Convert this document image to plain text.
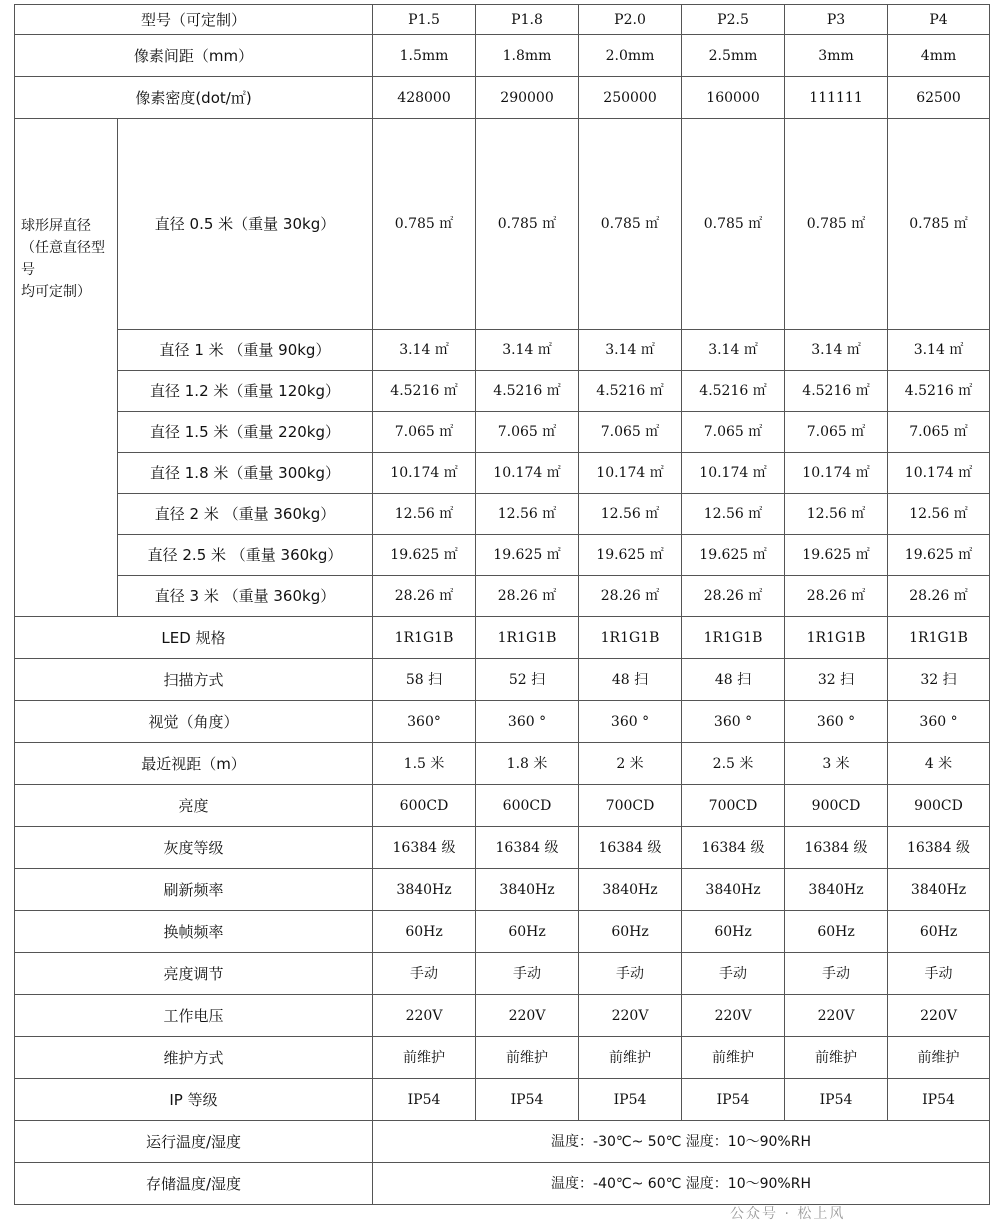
型号（可定制）		P1.5	P1.8	P2.0	P2.5	P3	P4
像素间距（mm）		1.5mm	1.8mm	2.0mm	2.5mm	3mm	4mm
像素密度(dot/㎡)		428000	290000	250000	160000	111111	62500

球形屏直径
（任意直径型号
均可定制）	直径 0.5 米（重量 30kg）	0.785 ㎡	0.785 ㎡	0.785 ㎡	0.785 ㎡	0.785 ㎡	0.785 ㎡
	直径 1 米 （重量 90kg）	3.14 ㎡	3.14 ㎡	3.14 ㎡	3.14 ㎡	3.14 ㎡	3.14 ㎡
	直径 1.2 米（重量 120kg）	4.5216 ㎡	4.5216 ㎡	4.5216 ㎡	4.5216 ㎡	4.5216 ㎡	4.5216 ㎡
	直径 1.5 米（重量 220kg）	7.065 ㎡	7.065 ㎡	7.065 ㎡	7.065 ㎡	7.065 ㎡	7.065 ㎡
	直径 1.8 米（重量 300kg）	10.174 ㎡	10.174 ㎡	10.174 ㎡	10.174 ㎡	10.174 ㎡	10.174 ㎡
	直径 2 米 （重量 360kg）	12.56 ㎡	12.56 ㎡	12.56 ㎡	12.56 ㎡	12.56 ㎡	12.56 ㎡
	直径 2.5 米 （重量 360kg）	19.625 ㎡	19.625 ㎡	19.625 ㎡	19.625 ㎡	19.625 ㎡	19.625 ㎡
	直径 3 米 （重量 360kg）	28.26 ㎡	28.26 ㎡	28.26 ㎡	28.26 ㎡	28.26 ㎡	28.26 ㎡
LED 规格		1R1G1B	1R1G1B	1R1G1B	1R1G1B	1R1G1B	1R1G1B
扫描方式		58 扫	52 扫	48 扫	48 扫	32 扫	32 扫
视觉（角度）		360°	360 °	360 °	360 °	360 °	360 °
最近视距（m）		1.5 米	1.8 米	2 米	2.5 米	3 米	4 米
亮度		600CD	600CD	700CD	700CD	900CD	900CD
灰度等级		16384 级	16384 级	16384 级	16384 级	16384 级	16384 级
刷新频率		3840Hz	3840Hz	3840Hz	3840Hz	3840Hz	3840Hz
换帧频率		60Hz	60Hz	60Hz	60Hz	60Hz	60Hz
亮度调节		手动	手动	手动	手动	手动	手动
工作电压		220V	220V	220V	220V	220V	220V
维护方式		前维护	前维护	前维护	前维护	前维护	前维护
IP 等级		IP54	IP54	IP54	IP54	IP54	IP54
运行温度/湿度		温度：-30℃~ 50℃ 湿度：10～90%RH					
存储温度/湿度		温度：-40℃~ 60℃ 湿度：10～90%RH					
公众号 · 松上风
